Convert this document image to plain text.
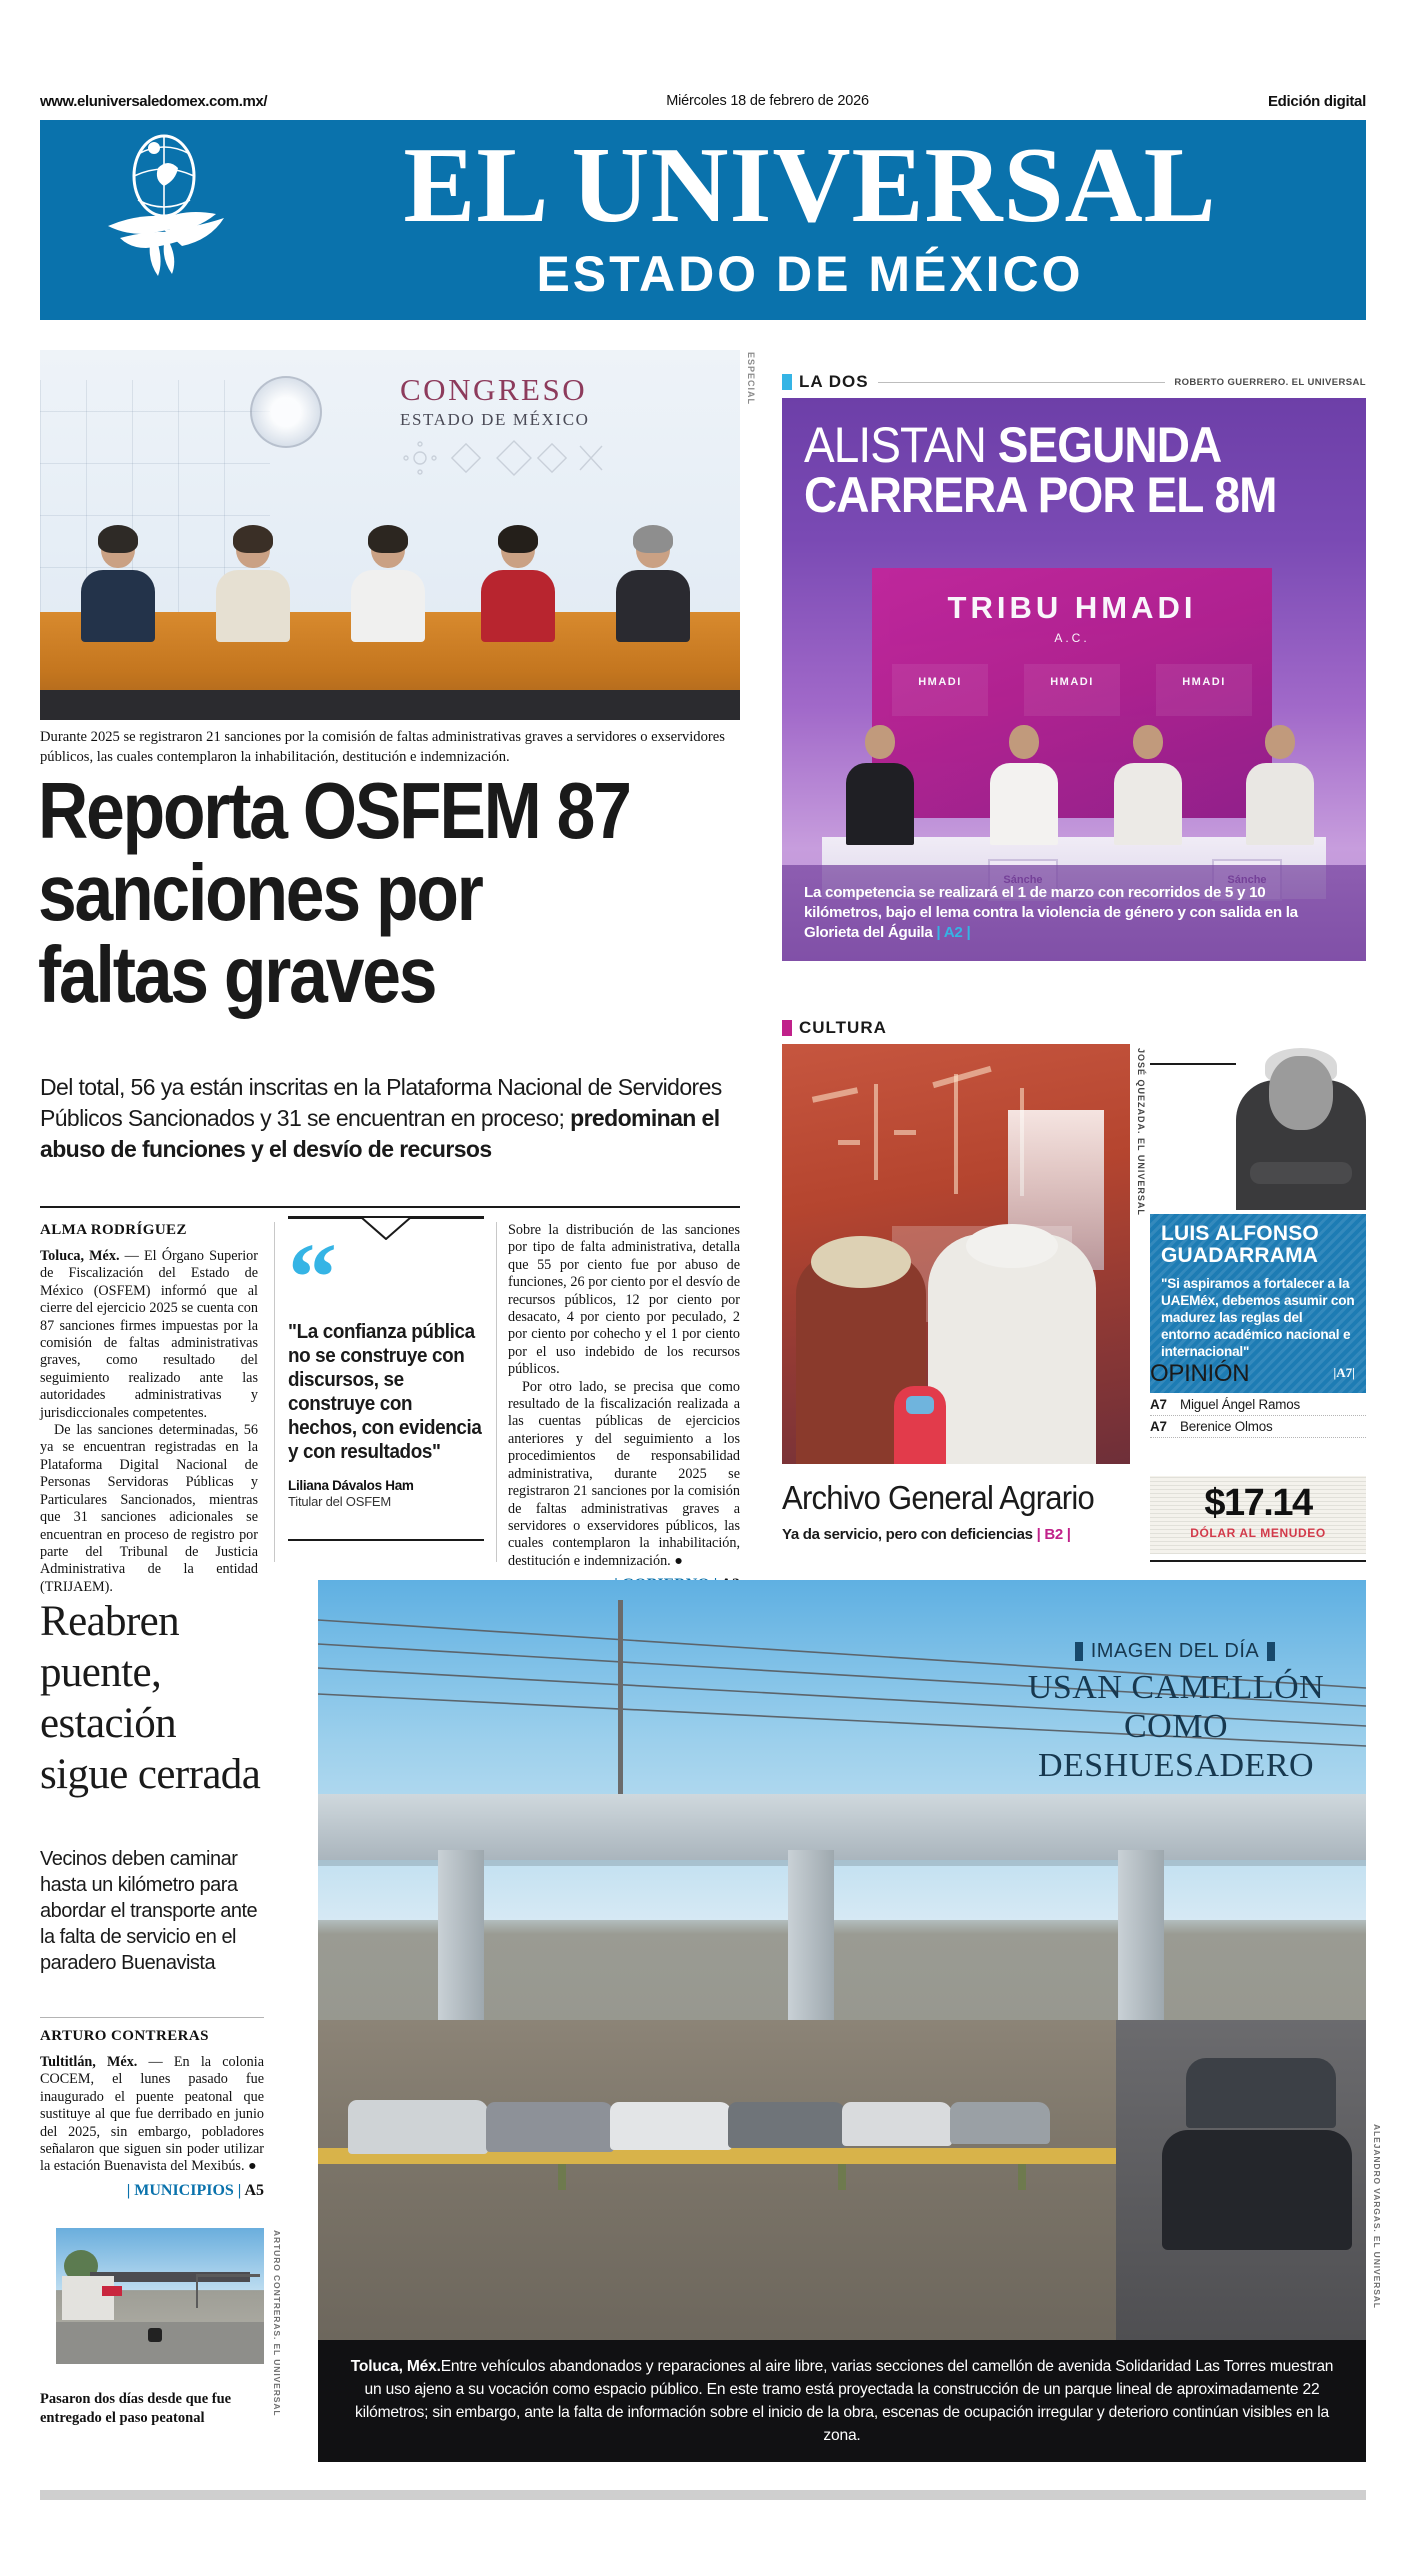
www.eluniversaledomex.com.mx/	Miércoles 18 de febrero de 2026	Edición digital
EL UNIVERSAL
ESTADO DE MÉXICO
CONGRESO
ESTADO DE MÉXICO
ESPECIAL
Durante 2025 se registraron 21 sanciones por la comisión de faltas administrativas graves a servidores o exservidores públicos, las cuales contemplaron la inhabilitación, destitución e indemnización.
Reporta OSFEM 87 sanciones por faltas graves
Del total, 56 ya están inscritas en la Plataforma Nacional de Servidores Públicos Sancionados y 31 se encuentran en proceso; predominan el abuso de funciones y el desvío de recursos
ALMA RODRÍGUEZ

Toluca, Méx. — El Órgano Superior de Fiscalización del Estado de México (OSFEM) informó que al cierre del ejercicio 2025 se cuenta con 87 sanciones firmes impuestas por la comisión de faltas administrativas graves, como resultado del seguimiento realizado ante las autoridades administrativas y jurisdiccionales competentes.

De las sanciones determinadas, 56 ya se encuentran registradas en la Plataforma Digital Nacional de Personas Servidoras Públicas y Particulares Sancionados, mientras que 31 sanciones adicionales se encuentran en proceso de registro por parte del Tribunal de Justicia Administrativa de la entidad (TRIJAEM).

“
"La confianza pública no se construye con discursos, se construye con hechos, con evidencia y con resultados"
Liliana Dávalos Ham
Titular del OSFEM

Sobre la distribución de las sanciones por tipo de falta administrativa, detalla que 55 por ciento fue por abuso de funciones, 26 por ciento por el desvío de recursos públicos, 12 por ciento por desacato, 4 por ciento por peculado, 2 por ciento por cohecho y el 1 por ciento por el uso indebido de los recursos públicos.

Por otro lado, se precisa que como resultado de la fiscalización realizada a las cuentas públicas de ejercicios anteriores y del seguimiento a los procedimientos de responsabilidad administrativa, durante 2025 se registraron 21 sanciones por la comisión de faltas administrativas graves a servidores o exservidores públicos, las cuales contemplaron la inhabilitación, destitución e indemnización. ●

LA DOS	ROBERTO GUERRERO. EL UNIVERSAL
ALISTAN SEGUNDA
CARRERA POR EL 8M
TRIBU HMADI
A.C.
HMADI	HMADI	HMADI
La competencia se realizará el 1 de marzo con recorridos de 5 y 10 kilómetros, bajo el lema contra la violencia de género y con salida en la Glorieta del Águila | A2 |
CULTURA
JOSÉ QUEZADA. EL UNIVERSAL
Archivo General Agrario
Ya da servicio, pero con deficiencias | B2 |
LUIS ALFONSO GUADARRAMA
"Si aspiramos a fortalecer a la UAEMéx, debemos asumir con madurez las reglas del entorno académico nacional e internacional"
|A7|
OPINIÓN
A7 Miguel Ángel Ramos
A7 Berenice Olmos
$17.14
DÓLAR AL MENUDEO
Reabren puente, estación sigue cerrada
Vecinos deben caminar hasta un kilómetro para abordar el transporte ante la falta de servicio en el paradero Buenavista
ARTURO CONTRERAS

Tultitlán, Méx. — En la colonia COCEM, el lunes pasado fue inaugurado el puente peatonal que sustituye al que fue derribado en junio del 2025, sin embargo, pobladores señalaron que siguen sin poder utilizar la estación Buenavista del Mexibús. ●

| MUNICIPIOS | A5
ARTURO CONTRERAS. EL UNIVERSAL
Pasaron dos días desde que fue entregado el paso peatonal
IMAGEN DEL DÍA
USAN CAMELLÓN COMO DESHUESADERO
ALEJANDRO VARGAS. EL UNIVERSAL
Toluca, Méx.Entre vehículos abandonados y reparaciones al aire libre, varias secciones del camellón de avenida Solidaridad Las Torres muestran un uso ajeno a su vocación como espacio público. En este tramo está proyectada la construcción de un parque lineal de aproximadamente 22 kilómetros; sin embargo, ante la falta de información sobre el inicio de la obra, escenas de ocupación irregular y deterioro continúan visibles en la zona.
